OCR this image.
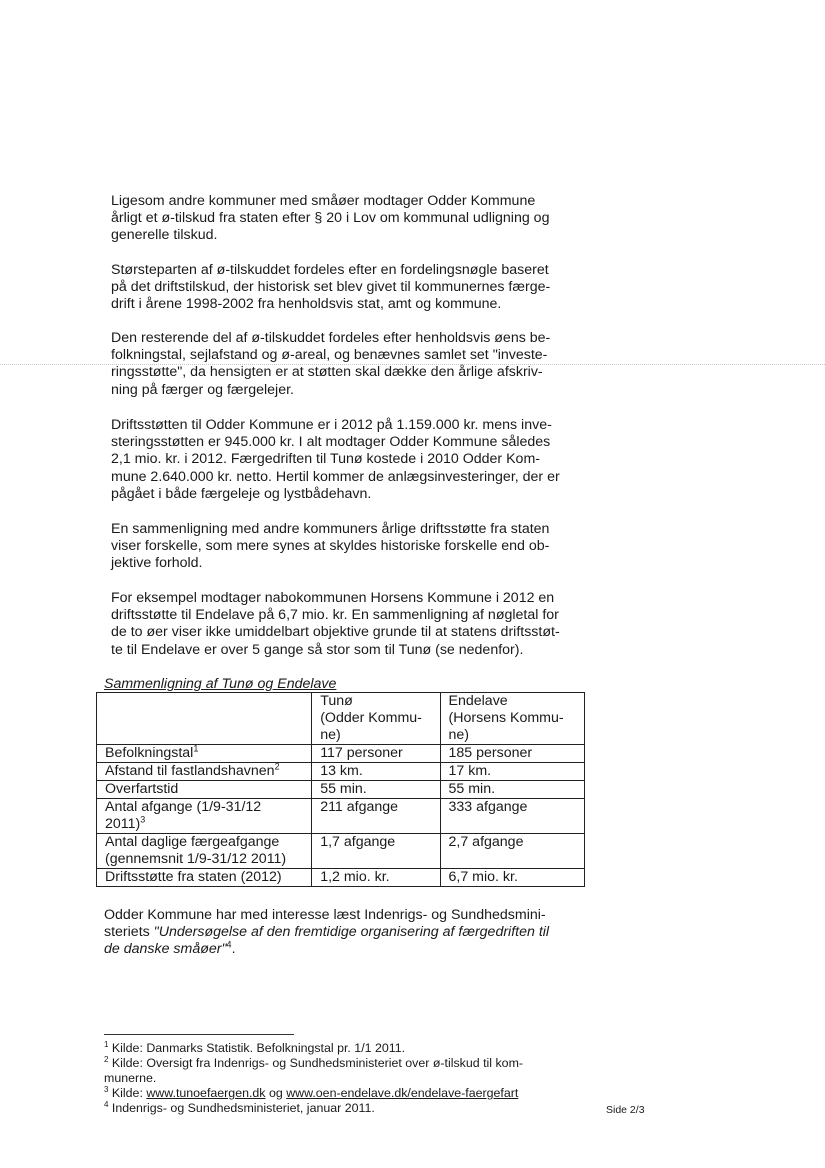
Ligesom andre kommuner med småøer modtager Odder Kommune
årligt et ø-tilskud fra staten efter § 20 i Lov om kommunal udligning og
generelle tilskud.

Størsteparten af ø-tilskuddet fordeles efter en fordelingsnøgle baseret
på det driftstilskud, der historisk set blev givet til kommunernes færge-
drift i årene 1998-2002 fra henholdsvis stat, amt og kommune.

Den resterende del af ø-tilskuddet fordeles efter henholdsvis øens be-
folkningstal, sejlafstand og ø-areal, og benævnes samlet set "investe-
ringsstøtte", da hensigten er at støtten skal dække den årlige afskriv-
ning på færger og færgelejer.

Driftsstøtten til Odder Kommune er i 2012 på 1.159.000 kr. mens inve-
steringsstøtten er 945.000 kr. I alt modtager Odder Kommune således
2,1 mio. kr. i 2012. Færgedriften til Tunø kostede i 2010 Odder Kom-
mune 2.640.000 kr. netto. Hertil kommer de anlægsinvesteringer, der er
pågået i både færgeleje og lystbådehavn.

En sammenligning med andre kommuners årlige driftsstøtte fra staten
viser forskelle, som mere synes at skyldes historiske forskelle end ob-
jektive forhold.

For eksempel modtager nabokommunen Horsens Kommune i 2012 en
driftsstøtte til Endelave på 6,7 mio. kr. En sammenligning af nøgletal for
de to øer viser ikke umiddelbart objektive grunde til at statens driftsstøt-
te til Endelave er over 5 gange så stor som til Tunø (se nedenfor).

Sammenligning af Tunø og Endelave

	Tunø
(Odder Kommu-
ne)	Endelave
(Horsens Kommu-
ne)

Befolkningstal$^1$	117 personer	185 personer
Afstand til fastlandshavnen$^2$	13 km.	17 km.
Overfartstid	55 min.	55 min.

Antal afgange (1/9-31/12
2011)$^3$	211 afgange	333 afgange

Antal daglige færgeafgange
(gennemsnit 1/9-31/12 2011)	1,7 afgange	2,7 afgange
Driftsstøtte fra staten (2012)	1,2 mio. kr.	6,7 mio. kr.

Odder Kommune har med interesse læst Indenrigs- og Sundhedsmini-
steriets "Undersøgelse af den fremtidige organisering af færgedriften til
de danske småøer"$^4$.

$^1$ Kilde: Danmarks Statistik. Befolkningstal pr. 1/1 2011.
$^2$ Kilde: Oversigt fra Indenrigs- og Sundhedsministeriet over ø-tilskud til kom-
munerne.
$^3$ Kilde: www.tunoefaergen.dk og www.oen-endelave.dk/endelave-faergefart
$^4$ Indenrigs- og Sundhedsministeriet, januar 2011.	Side 2/3
